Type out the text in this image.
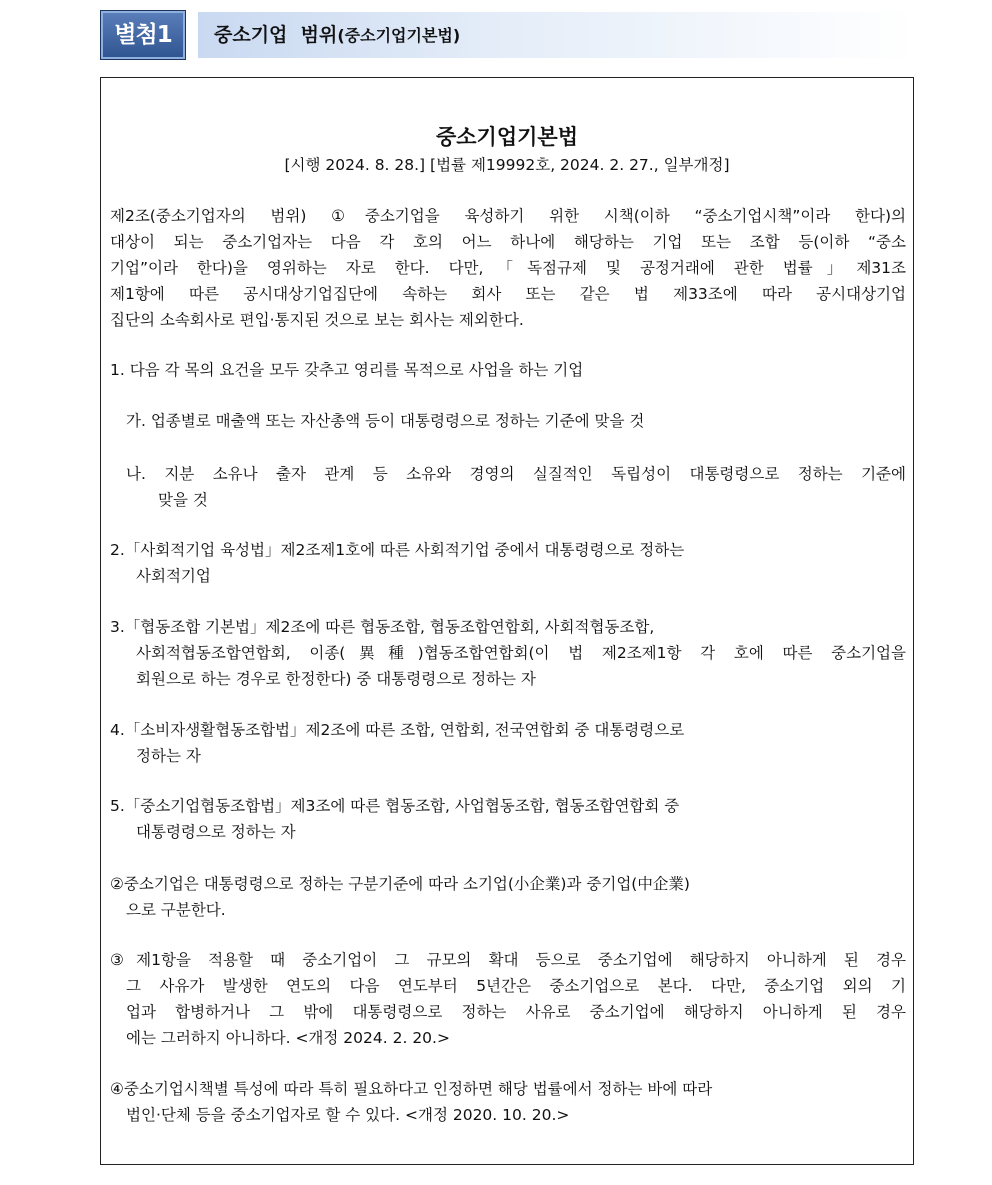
별첨1	중소기업  범위(중소기업기본법)
중소기업기본법
[시행 2024. 8. 28.] [법률 제19992호, 2024. 2. 27., 일부개정]
제2조(중소기업자의 범위) ①중소기업을 육성하기 위한 시책(이하 “중소기업시책”이라 한다)의
대상이 되는 중소기업자는 다음 각 호의 어느 하나에 해당하는 기업 또는 조합 등(이하 “중소
기업”이라 한다)을 영위하는 자로 한다. 다만,「독점규제 및 공정거래에 관한 법률」제31조
제1항에 따른 공시대상기업집단에 속하는 회사 또는 같은 법 제33조에 따라 공시대상기업
집단의 소속회사로 편입·통지된 것으로 보는 회사는 제외한다.
1. 다음 각 목의 요건을 모두 갖추고 영리를 목적으로 사업을 하는 기업
가. 업종별로 매출액 또는 자산총액 등이 대통령령으로 정하는 기준에 맞을 것
나. 지분 소유나 출자 관계 등 소유와 경영의 실질적인 독립성이 대통령령으로 정하는 기준에
맞을 것
2.「사회적기업 육성법」제2조제1호에 따른 사회적기업 중에서 대통령령으로 정하는
사회적기업
3.「협동조합 기본법」제2조에 따른 협동조합, 협동조합연합회, 사회적협동조합,
사회적협동조합연합회, 이종(異種)협동조합연합회(이 법 제2조제1항 각 호에 따른 중소기업을
회원으로 하는 경우로 한정한다) 중 대통령령으로 정하는 자
4.「소비자생활협동조합법」제2조에 따른 조합, 연합회, 전국연합회 중 대통령령으로
정하는 자
5.「중소기업협동조합법」제3조에 따른 협동조합, 사업협동조합, 협동조합연합회 중
대통령령으로 정하는 자
②중소기업은 대통령령으로 정하는 구분기준에 따라 소기업(小企業)과 중기업(中企業)
으로 구분한다.
③제1항을 적용할 때 중소기업이 그 규모의 확대 등으로 중소기업에 해당하지 아니하게 된 경우
그 사유가 발생한 연도의 다음 연도부터 5년간은 중소기업으로 본다. 다만, 중소기업 외의 기
업과 합병하거나 그 밖에 대통령령으로 정하는 사유로 중소기업에 해당하지 아니하게 된 경우
에는 그러하지 아니하다. <개정 2024. 2. 20.>
④중소기업시책별 특성에 따라 특히 필요하다고 인정하면 해당 법률에서 정하는 바에 따라
법인·단체 등을 중소기업자로 할 수 있다. <개정 2020. 10. 20.>
